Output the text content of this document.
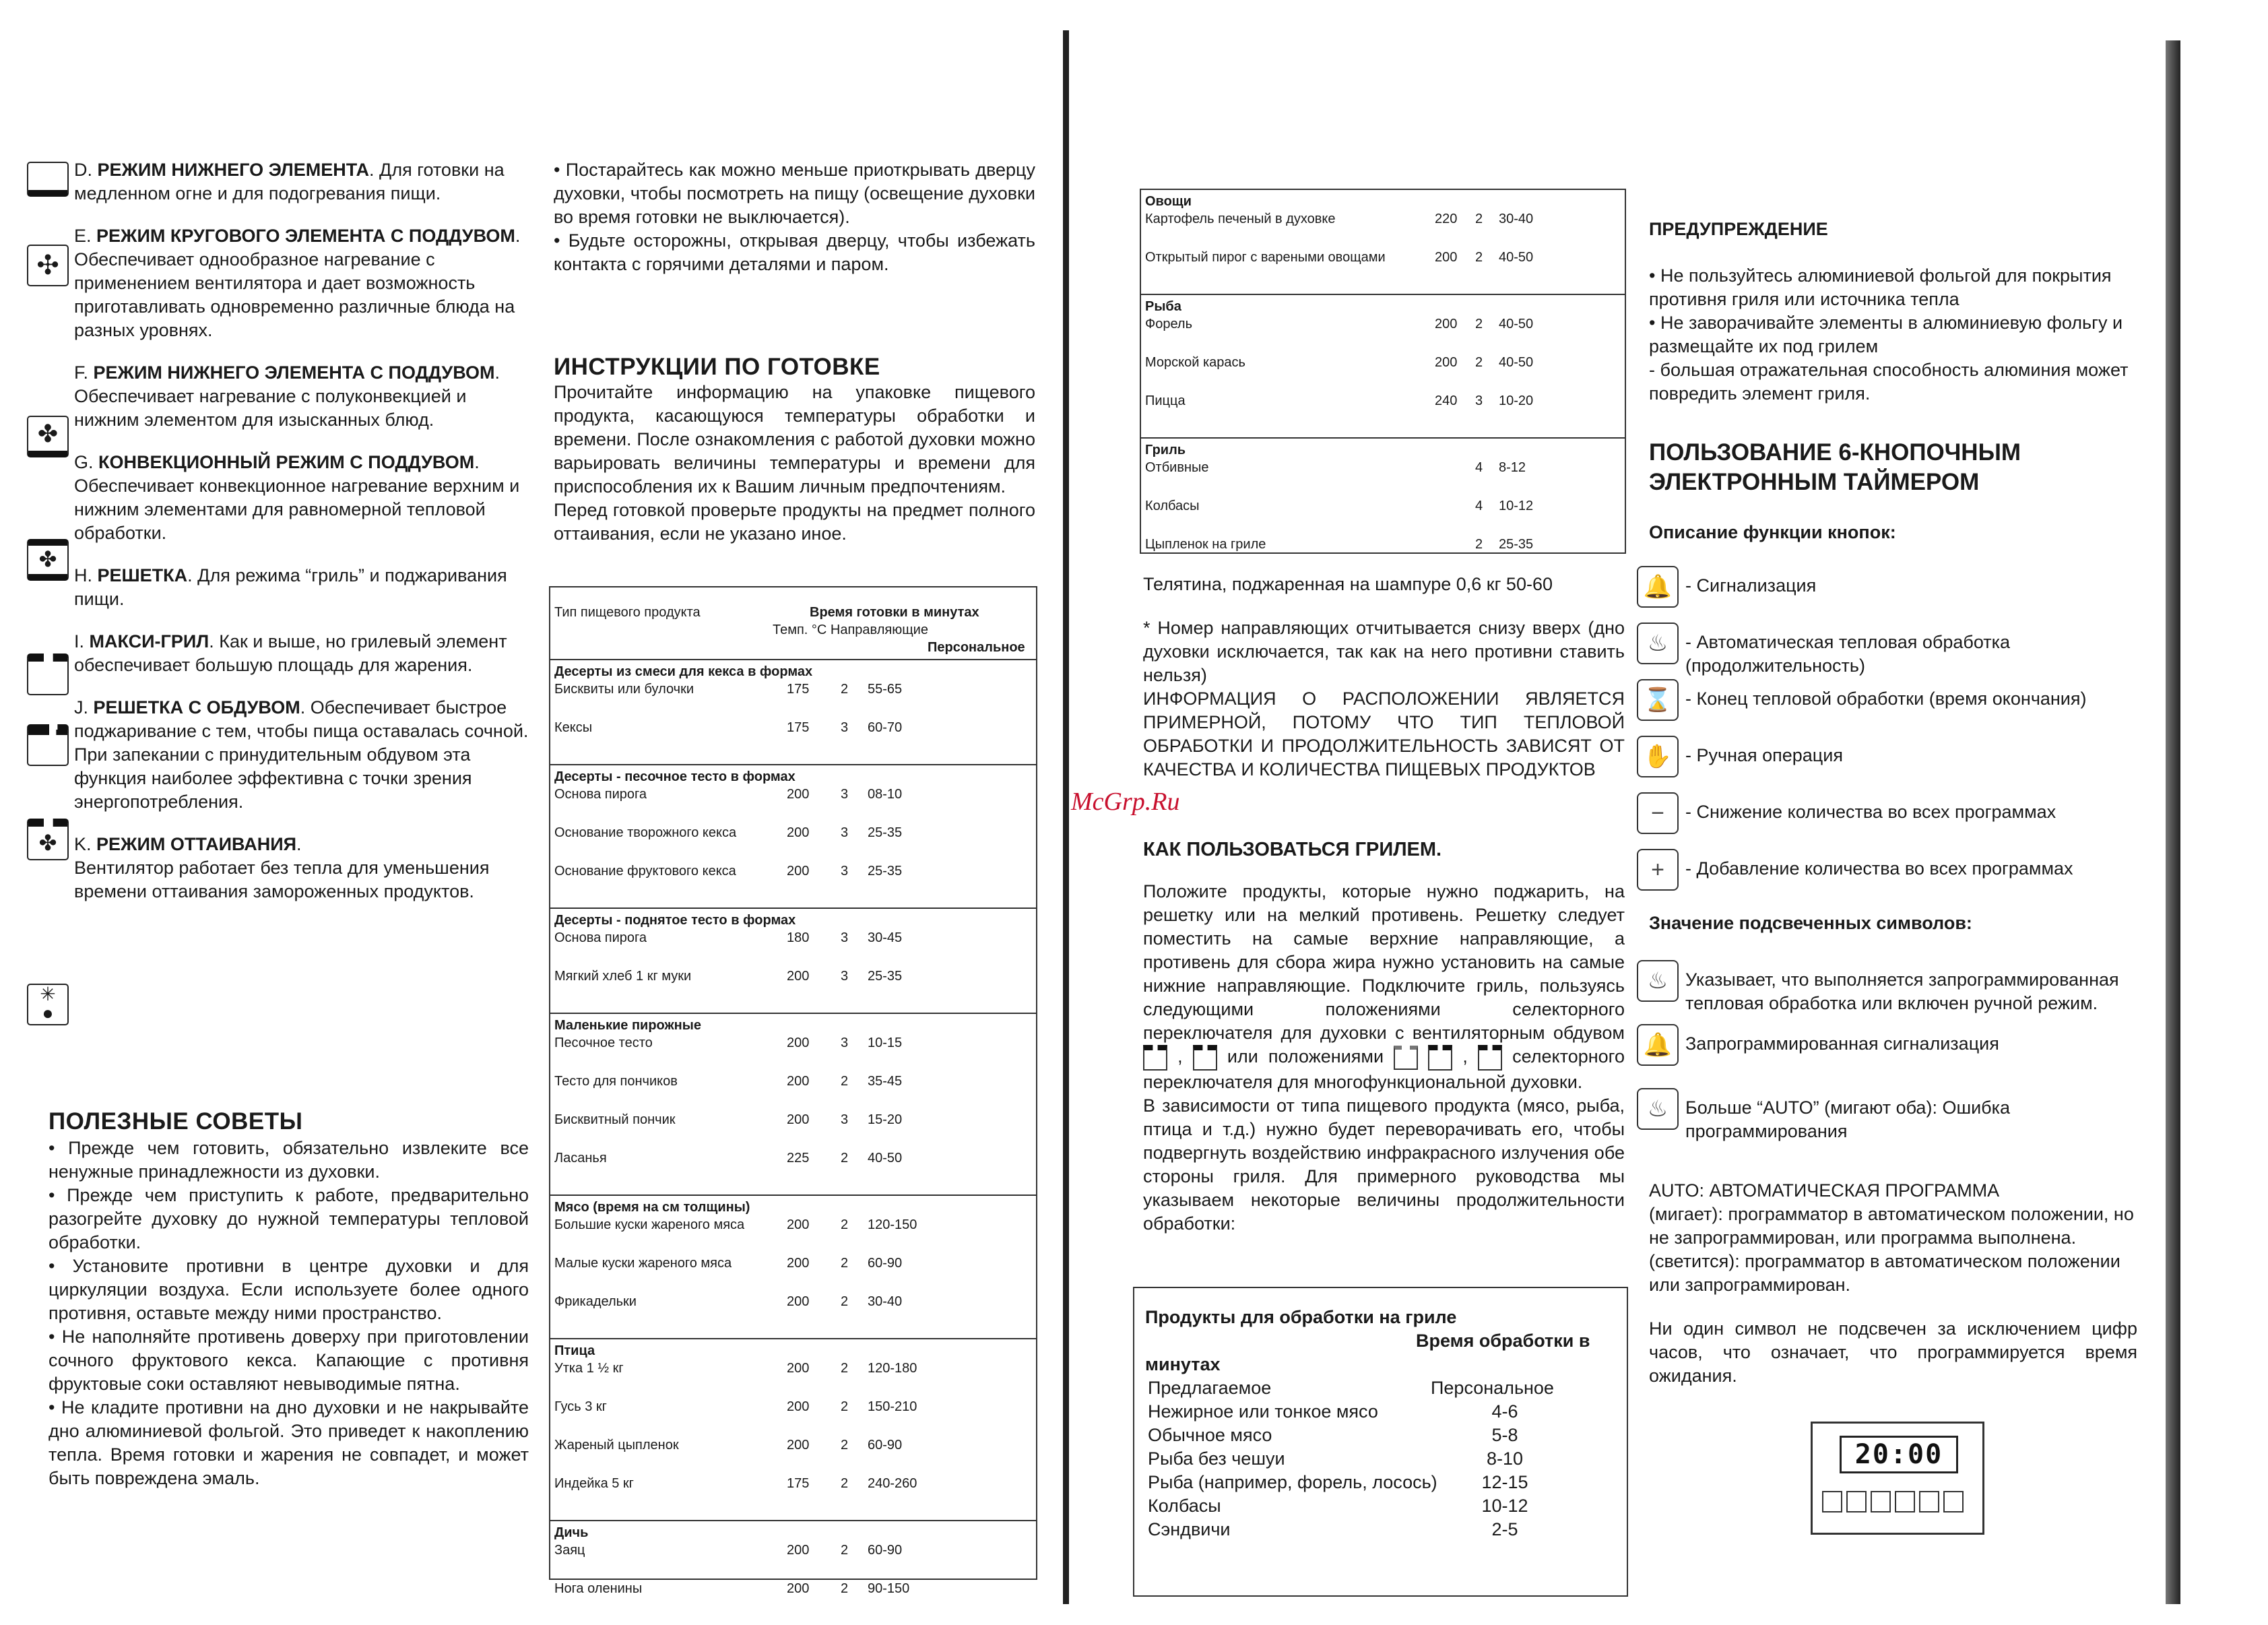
D. РЕЖИМ НИЖНЕГО ЭЛЕМЕНТА. Для готовки на медленном огне и для подогревания пищи.

✣

E. РЕЖИМ КРУГОВОГО ЭЛЕМЕНТА С ПОДДУВОМ. Обеспечивает однообразное нагревание с применением вентилятора и дает возможность приготавливать одновременно различные блюда на разных уровнях.

✤

F. РЕЖИМ НИЖНЕГО ЭЛЕМЕНТА С ПОДДУВОМ. Обеспечивает нагревание с полуконвекцией и нижним элементом для изысканных блюд.

✤

G. КОНВЕКЦИОННЫЙ РЕЖИМ С ПОДДУВОМ. Обеспечивает конвекционное нагревание верхним и нижним элементами для равномерной тепловой обработки.

H. РЕШЕТКА. Для режима “гриль” и поджаривания пищи.

I. МАКСИ-ГРИЛ. Как и выше, но грилевый элемент обеспечивает большую площадь для жарения.

✤

J. РЕШЕТКА С ОБДУВОМ. Обеспечивает быстрое поджаривание с тем, чтобы пища оставалась сочной. При запекании с принудительным обдувом эта функция наиболее эффективна с точки зрения энергопотребления.

✳
●

K. РЕЖИМ ОТТАИВАНИЯ.
Вентилятор работает без тепла для уменьшения времени оттаивания замороженных продуктов.

ПОЛЕЗНЫЕ СОВЕТЫ

• Прежде чем готовить, обязательно извлеките все ненужные принадлежности из духовки.

• Прежде чем приступить к работе, предварительно разогрейте духовку до нужной температуры тепловой обработки.

• Установите противни в центре духовки и для циркуляции воздуха. Если используете более одного противня, оставьте между ними пространство.

• Не наполняйте противень доверху при приготовлении сочного фруктового кекса. Капающие с противня фруктовые соки оставляют невыводимые пятна.

• Не кладите противни на дно духовки и не накрывайте дно алюминиевой фольгой. Это приведет к накоплению тепла. Время готовки и жарения не совпадет, и может быть повреждена эмаль.

• Постарайтесь как можно меньше приоткрывать дверцу духовки, чтобы посмотреть на пищу (освещение духовки во время готовки не выключается).

• Будьте осторожны, открывая дверцу, чтобы избежать контакта с горячими деталями и паром.

ИНСТРУКЦИИ ПО ГОТОВКЕ

Прочитайте информацию на упаковке пищевого продукта, касающуюся температуры обработки и времени. После ознакомления с работой духовки можно варьировать величины температуры и времени для приспособления их к Вашим личным предпочтениям.

Перед готовкой проверьте продукты на предмет полного оттаивания, если не указано иное.

Тип пищевого продукта	Время готовки в минутах
Темп. °С Направляющие
Персональное
Десерты из смеси для кекса в формах
Бисквиты или булочки	175	2	55-65
Кексы	175	3	60-70
Десерты - песочное тесто в формах
Основа пирога	200	3	08-10
Основание творожного кекса	200	3	25-35
Основание фруктового кекса	200	3	25-35
Десерты - поднятое тесто в формах
Основа пирога	180	3	30-45
Мягкий хлеб 1 кг муки	200	3	25-35
Маленькие пирожные
Песочное тесто	200	3	10-15
Тесто для пончиков	200	2	35-45
Бисквитный пончик	200	3	15-20
Ласанья	225	2	40-50
Мясо (время на см толщины)
Большие куски жареного мяса	200	2	120-150
Малые куски жареного мяса	200	2	60-90
Фрикадельки	200	2	30-40
Птица
Утка 1 ½ кг	200	2	120-180
Гусь 3 кг	200	2	150-210
Жареный цыпленок	200	2	60-90
Индейка 5 кг	175	2	240-260
Дичь
Заяц	200	2	60-90
Нога оленины	200	2	90-150
McGrp.Ru
Овощи
Картофель печеный в духовке	220	2	30-40
Открытый пирог с вареными овощами	200	2	40-50
Рыба
Форель	200	2	40-50
Морской карась	200	2	40-50
Пицца	240	3	10-20
Гриль
Отбивные	4	8-12
Колбасы	4	10-12
Цыпленок на гриле	2	25-35

Телятина, поджаренная на шампуре 0,6 кг 50-60

* Номер направляющих отчитывается снизу вверх (дно духовки исключается, так как на него противни ставить нельзя)

ИНФОРМАЦИЯ О РАСПОЛОЖЕНИИ ЯВЛЯЕТСЯ ПРИМЕРНОЙ, ПОТОМУ ЧТО ТИП ТЕПЛОВОЙ ОБРАБОТКИ И ПРОДОЛЖИТЕЛЬНОСТЬ ЗАВИСЯТ ОТ КАЧЕСТВА И КОЛИЧЕСТВА ПИЩЕВЫХ ПРОДУКТОВ

КАК ПОЛЬЗОВАТЬСЯ ГРИЛЕМ.

Положите продукты, которые нужно поджарить, на решетку или на мелкий противень. Решетку следует поместить на самые верхние направляющие, а противень для сбора жира нужно установить на самые нижние направляющие. Подключите гриль, пользуясь следующими положениями селекторного переключателя для духовки с вентиляторным обдувом  ,  или положениями	,  селекторного переключателя для многофункциональной духовки.

В зависимости от типа пищевого продукта (мясо, рыба, птица и т.д.) нужно будет переворачивать его, чтобы подвергнуть воздействию инфракрасного излучения обе стороны гриля. Для примерного руководства мы указываем некоторые величины продолжительности обработки:

Продукты для обработки на гриле
Время обработки в
минутах
Предлагаемое	Персональное
Нежирное или тонкое мясо	4-6
Обычное мясо	5-8
Рыба без чешуи	8-10
Рыба (например, форель, лосось)	12-15
Колбасы	10-12
Сэндвичи	2-5
ПРЕДУПРЕЖДЕНИЕ

• Не пользуйтесь алюминиевой фольгой для покрытия противня гриля или источника тепла

• Не заворачивайте элементы в алюминиевую фольгу и размещайте их под грилем

- большая отражательная способность алюминия может повредить элемент гриля.

ПОЛЬЗОВАНИЕ 6-КНОПОЧНЫМ ЭЛЕКТРОННЫМ ТАЙМЕРОМ
Описание функции кнопок:
🔔 - Сигнализация
♨ - Автоматическая тепловая обработка (продолжительность)
⌛ - Конец тепловой обработки (время окончания)
✋ - Ручная операция
−	- Снижение количества во всех программах
+	- Добавление количества во всех программах
Значение подсвеченных символов:
♨ Указывает, что выполняется запрограммированная тепловая обработка или включен ручной режим.
🔔 Запрограммированная сигнализация
♨ Больше “AUTO” (мигают оба): Ошибка программирования

AUTO: АВТОМАТИЧЕСКАЯ ПРОГРАММА

(мигает): программатор в автоматическом положении, но не запрограммирован, или программа выполнена.

(светится): программатор в автоматическом положении или запрограммирован.

Ни один символ не подсвечен за исключением цифр часов, что означает, что программируется время ожидания.

20:00
